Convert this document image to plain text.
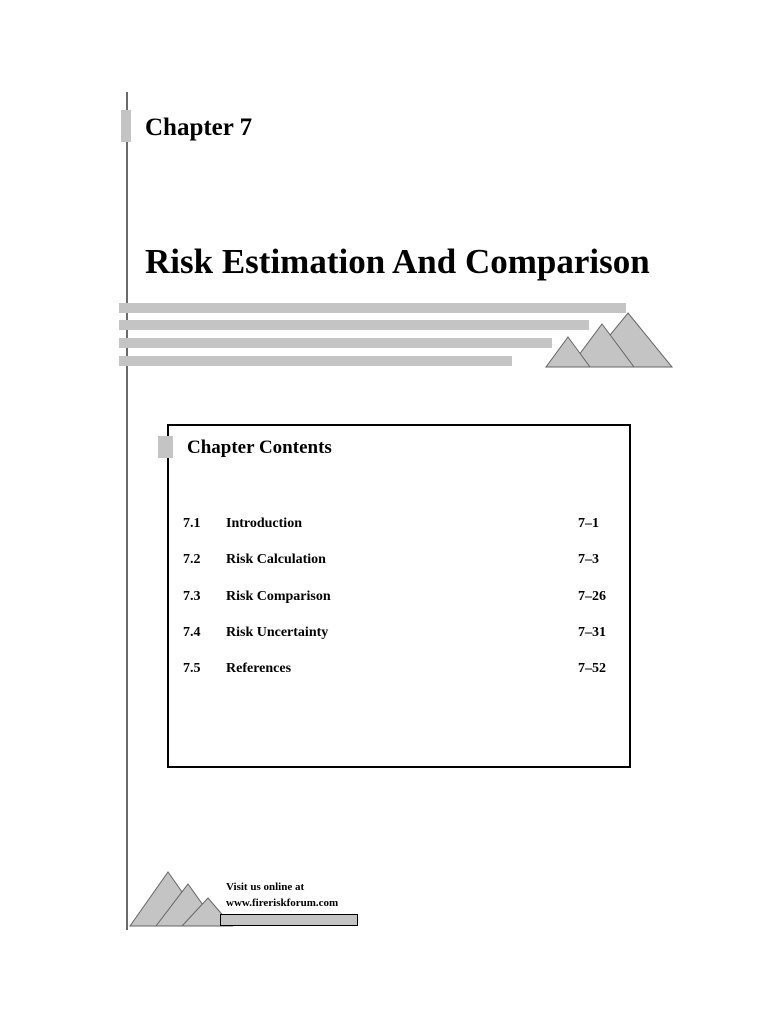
Chapter 7
Risk Estimation And Comparison
Chapter Contents
7.1 Introduction	7–1
7.2 Risk Calculation	7–3
7.3 Risk Comparison	7–26
7.4 Risk Uncertainty	7–31
7.5 References	7–52
Visit us online at
www.fireriskforum.com
